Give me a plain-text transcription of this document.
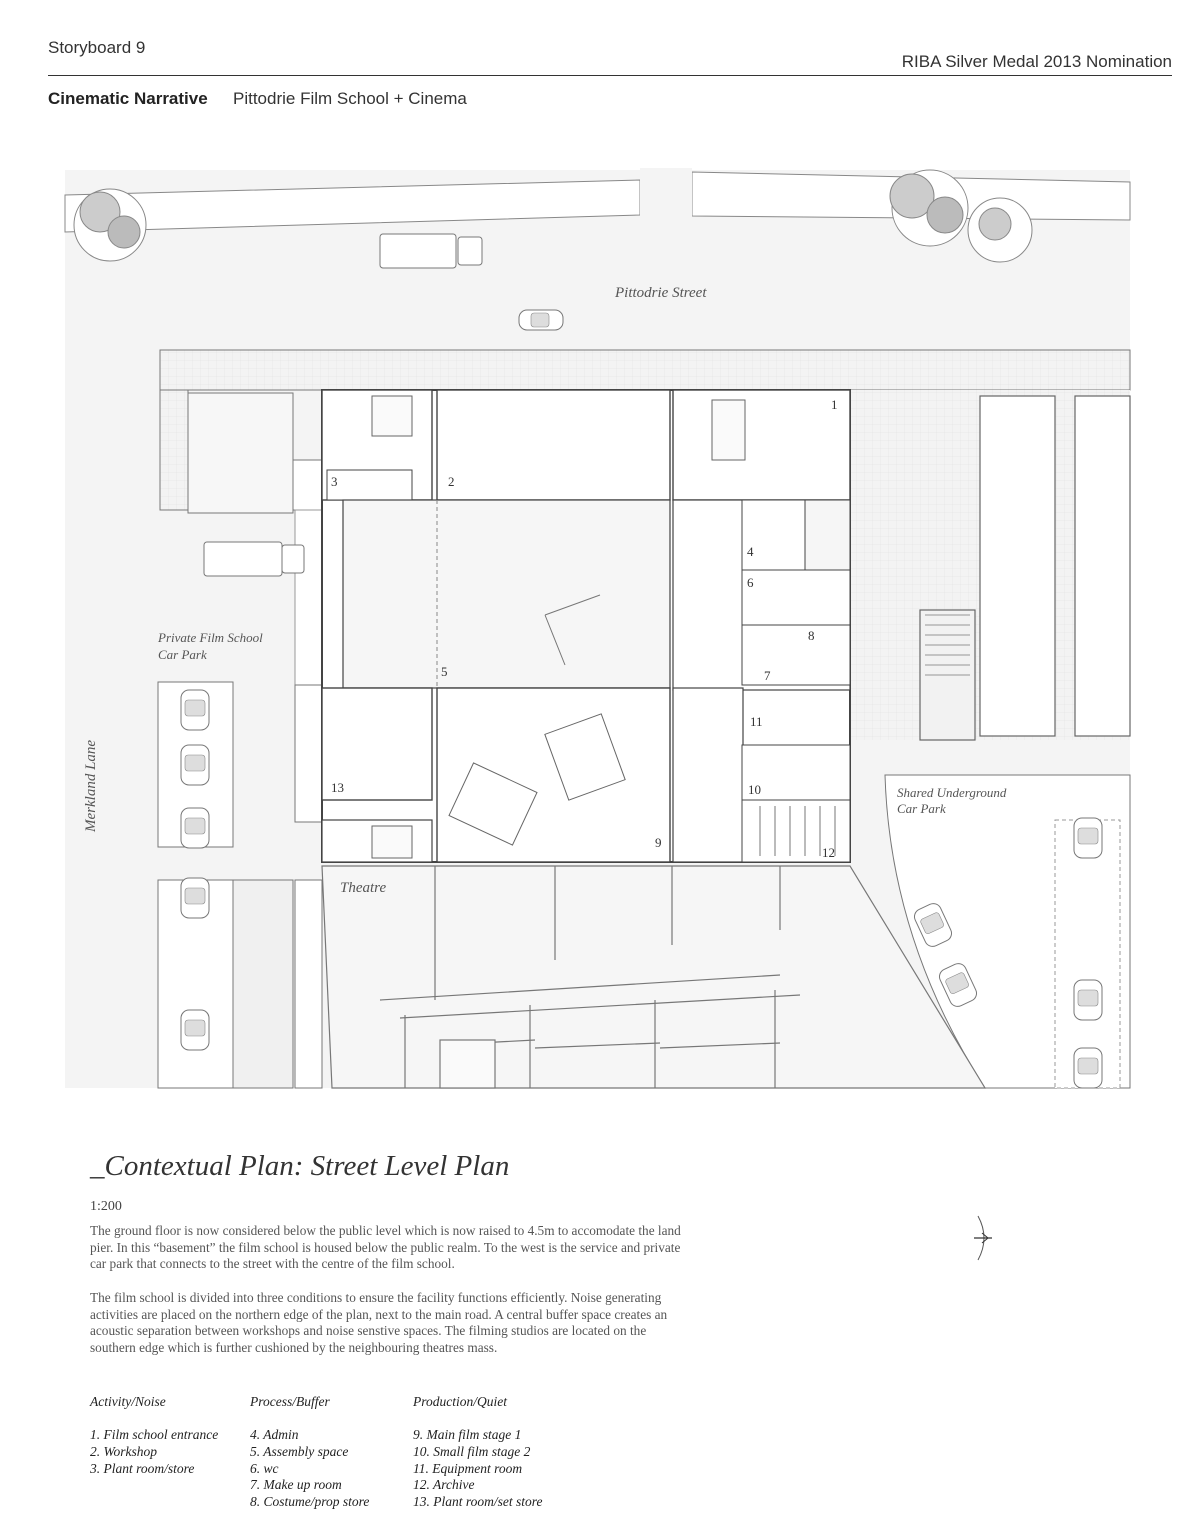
Storyboard 9
RIBA Silver Medal 2013 Nomination
Cinematic Narrative Pittodrie Film School + Cinema
Pittodrie Street
Merkland Lane
Private Film School
Car Park
Shared Underground
Car Park
Theatre
1
2
3
4
5
6
7
8
9
10
11
12
13
_Contextual Plan: Street Level Plan
1:200

The ground floor is now considered below the public level which is now raised to 4.5m to accomodate the land pier. In this “basement” the film school is housed below the public realm. To the west is the service and private car park that connects to the street with the centre of the film school.

The film school is divided into three conditions to ensure the facility functions efficiently. Noise generating activities are placed on the northern edge of the plan, next to the main road. A central buffer space creates an acoustic separation between workshops and noise senstive spaces. The filming studios are located on the southern edge which is further cushioned by the neighbouring theatres mass.

Activity/Noise
1. Film school entrance
2. Workshop
3. Plant room/store
Process/Buffer
4. Admin
5. Assembly space
6. wc
7. Make up room
8. Costume/prop store
Production/Quiet
9. Main film stage 1
10. Small film stage 2
11. Equipment room
12. Archive
13. Plant room/set store
